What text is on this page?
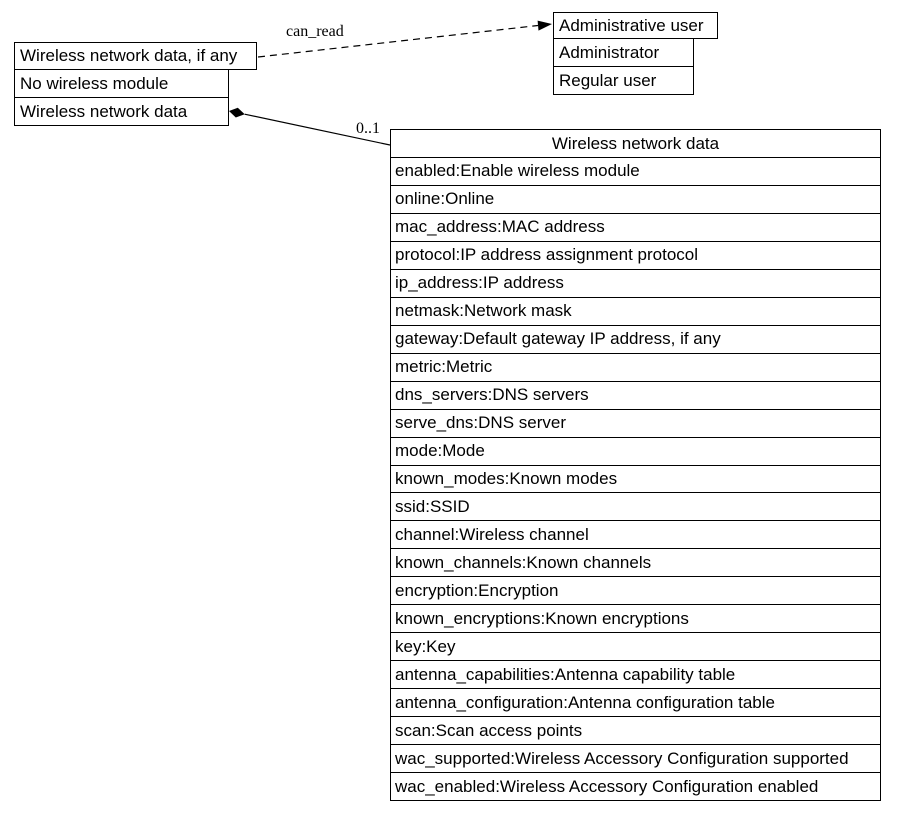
Wireless network data, if any
No wireless module
Wireless network data
Administrative user
Administrator
Regular user
can_read
0..1
Wireless network data
enabled:Enable wireless module
online:Online
mac_address:MAC address
protocol:IP address assignment protocol
ip_address:IP address
netmask:Network mask
gateway:Default gateway IP address, if any
metric:Metric
dns_servers:DNS servers
serve_dns:DNS server
mode:Mode
known_modes:Known modes
ssid:SSID
channel:Wireless channel
known_channels:Known channels
encryption:Encryption
known_encryptions:Known encryptions
key:Key
antenna_capabilities:Antenna capability table
antenna_configuration:Antenna configuration table
scan:Scan access points
wac_supported:Wireless Accessory Configuration supported
wac_enabled:Wireless Accessory Configuration enabled
